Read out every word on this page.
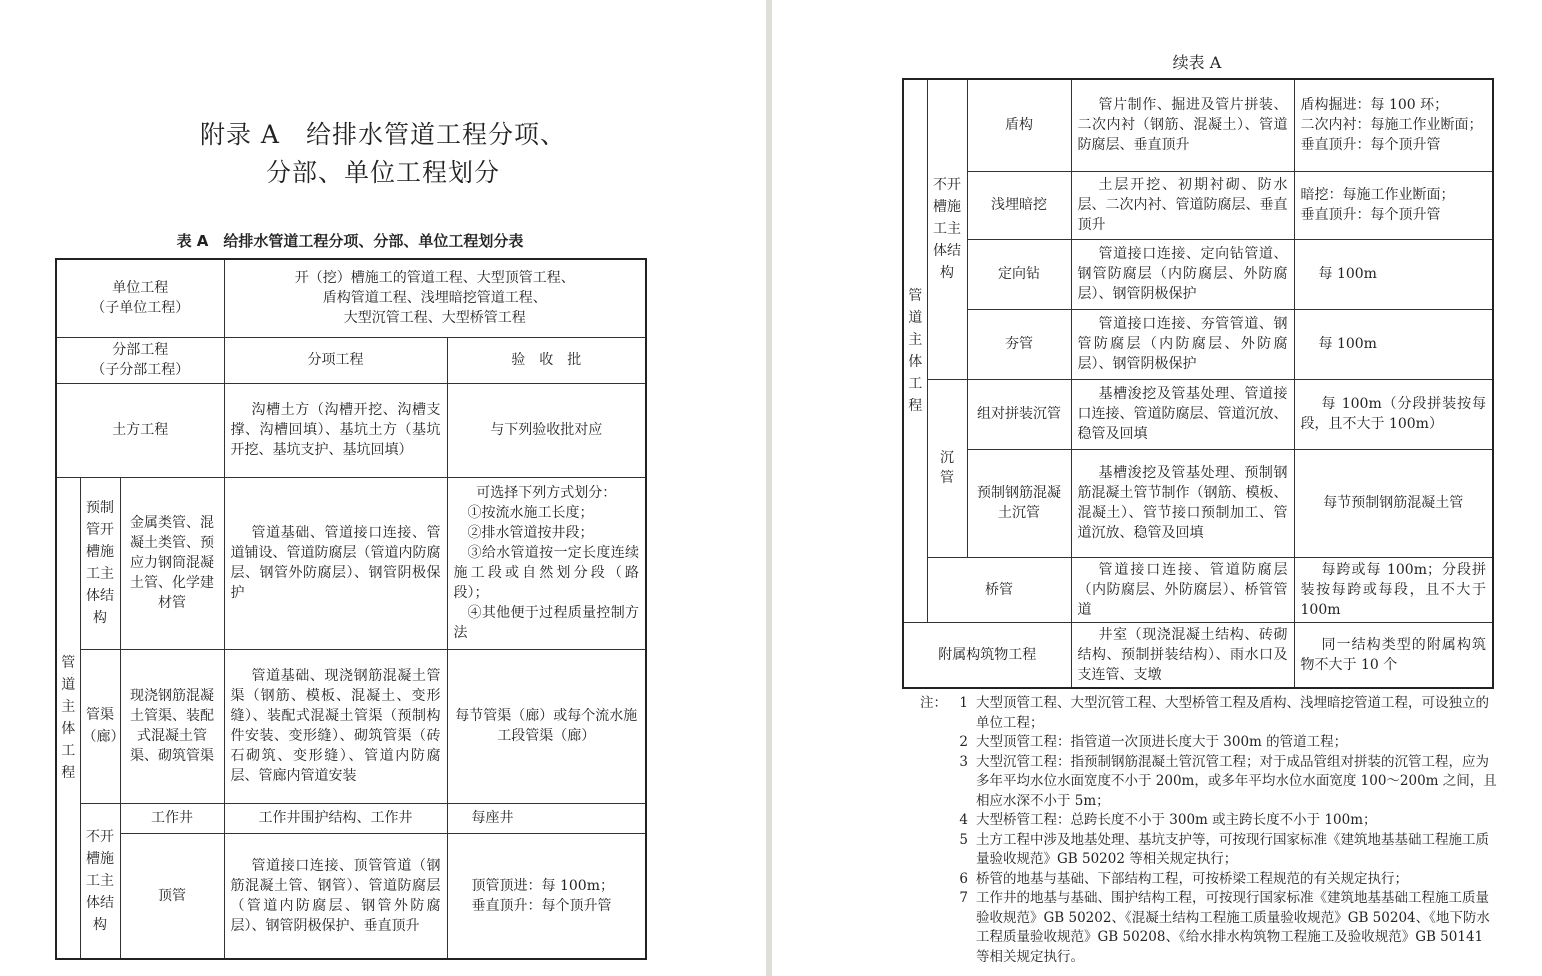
附录 A　给排水管道工程分项、
分部、单位工程划分
表 A　给排水管道工程分项、分部、单位工程划分表
单位工程
（子单位工程）			开（挖）槽施工的管道工程、大型顶管工程、
盾构管道工程、浅埋暗挖管道工程、
大型沉管工程、大型桥管工程	
分部工程
（子分部工程）			分项工程	验　收　批
土方工程			沟槽土方（沟槽开挖、沟槽支撑、沟槽回填）、基坑土方（基坑开挖、基坑支护、基坑回填）	与下列验收批对应
管道主体工程	预制管开槽施工主体结构	金属类管、混凝土类管、预应力钢筒混凝土管、化学建材管	管道基础、管道接口连接、管道铺设、管道防腐层（管道内防腐层、钢管外防腐层）、钢管阴极保护	可选择下列方式划分：
①按流水施工长度；
②排水管道按井段；
③给水管道按一定长度连续施工段或自然划分段（路段）；
④其他便于过程质量控制方法

	管渠（廊）	现浇钢筋混凝土管渠、装配式混凝土管渠、砌筑管渠	管道基础、现浇钢筋混凝土管渠（钢筋、模板、混凝土、变形缝）、装配式混凝土管渠（预制构件安装、变形缝）、砌筑管渠（砖石砌筑、变形缝）、管道内防腐层、管廊内管道安装	每节管渠（廊）或每个流水施工段管渠（廊）
	不开槽施工主体结构	工作井	工作井围护结构、工作井	每座井
		顶管	管道接口连接、顶管管道（钢筋混凝土管、钢管）、管道防腐层（管道内防腐层、钢管外防腐层）、钢管阴极保护、垂直顶升	顶管顶进：每 100m；
垂直顶升：每个顶升管
续表 A
管道主体工程	不开槽施工主体结构	盾构	管片制作、掘进及管片拼装、二次内衬（钢筋、混凝土）、管道防腐层、垂直顶升	盾构掘进：每 100 环；
二次内衬：每施工作业断面；
垂直顶升：每个顶升管
		浅埋暗挖	土层开挖、初期衬砌、防水层、二次内衬、管道防腐层、垂直顶升	暗挖：每施工作业断面；
垂直顶升：每个顶升管
		定向钻	管道接口连接、定向钻管道、钢管防腐层（内防腐层、外防腐层）、钢管阴极保护	每 100m
		夯管	管道接口连接、夯管管道、钢管防腐层（内防腐层、外防腐层）、钢管阴极保护	每 100m
	沉管	组对拼装沉管	基槽浚挖及管基处理、管道接口连接、管道防腐层、管道沉放、稳管及回填	每 100m（分段拼装按每段，且不大于 100m）
		预制钢筋混凝土沉管	基槽浚挖及管基处理、预制钢筋混凝土管节制作（钢筋、模板、混凝土）、管节接口预制加工、管道沉放、稳管及回填	每节预制钢筋混凝土管
	桥管		管道接口连接、管道防腐层（内防腐层、外防腐层）、桥管管道	每跨或每 100m；分段拼装按每跨或每段，且不大于 100m
附属构筑物工程			井室（现浇混凝土结构、砖砌结构、预制拼装结构）、雨水口及支连管、支墩	同一结构类型的附属构筑物不大于 10 个
注： 1 大型顶管工程、大型沉管工程、大型桥管工程及盾构、浅埋暗挖管道工程，可设独立的单位工程；
2 大型顶管工程：指管道一次顶进长度大于 300m 的管道工程；
3 大型沉管工程：指预制钢筋混凝土管沉管工程；对于成品管组对拼装的沉管工程，应为多年平均水位水面宽度不小于 200m，或多年平均水位水面宽度 100～200m 之间，且相应水深不小于 5m；
4 大型桥管工程：总跨长度不小于 300m 或主跨长度不小于 100m；
5 土方工程中涉及地基处理、基坑支护等，可按现行国家标准《建筑地基基础工程施工质量验收规范》GB 50202 等相关规定执行；
6 桥管的地基与基础、下部结构工程，可按桥梁工程规范的有关规定执行；
7 工作井的地基与基础、围护结构工程，可按现行国家标准《建筑地基基础工程施工质量验收规范》GB 50202、《混凝土结构工程施工质量验收规范》GB 50204、《地下防水工程质量验收规范》GB 50208、《给水排水构筑物工程施工及验收规范》GB 50141 等相关规定执行。
